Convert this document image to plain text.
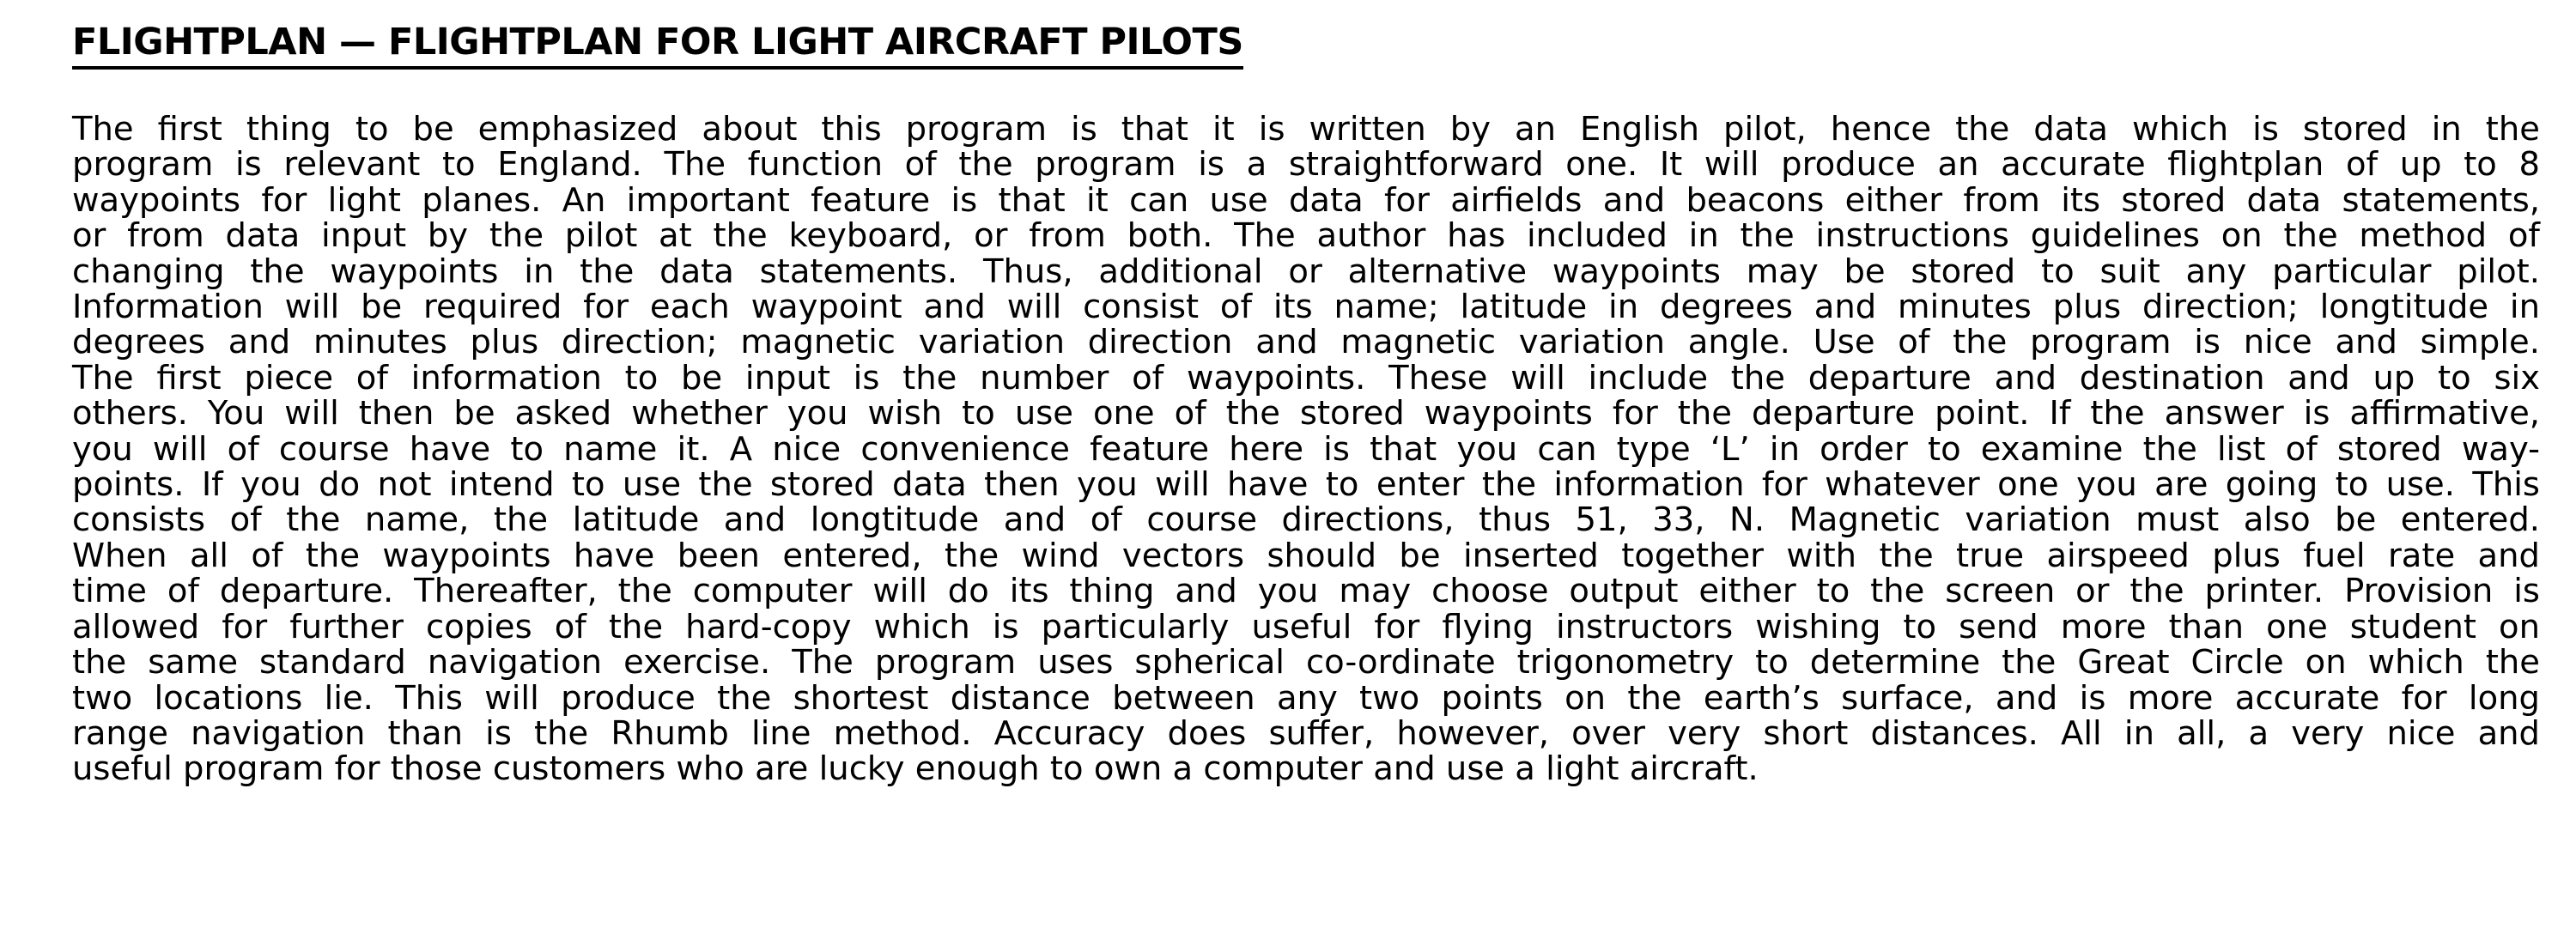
FLIGHTPLAN — FLIGHTPLAN FOR LIGHT AIRCRAFT PILOTS
The first thing to be emphasized about this program is that it is written by an English pilot, hence the data which is stored in the
program is relevant to England. The function of the program is a straightforward one. It will produce an accurate flightplan of up to 8
waypoints for light planes. An important feature is that it can use data for airfields and beacons either from its stored data statements,
or from data input by the pilot at the keyboard, or from both. The author has included in the instructions guidelines on the method of
changing the waypoints in the data statements. Thus, additional or alternative waypoints may be stored to suit any particular pilot.
Information will be required for each waypoint and will consist of its name; latitude in degrees and minutes plus direction; longtitude in
degrees and minutes plus direction; magnetic variation direction and magnetic variation angle. Use of the program is nice and simple.
The first piece of information to be input is the number of waypoints. These will include the departure and destination and up to six
others. You will then be asked whether you wish to use one of the stored waypoints for the departure point. If the answer is affirmative,
you will of course have to name it. A nice convenience feature here is that you can type ‘L’ in order to examine the list of stored way-
points. If you do not intend to use the stored data then you will have to enter the information for whatever one you are going to use. This
consists of the name, the latitude and longtitude and of course directions, thus 51, 33, N. Magnetic variation must also be entered.
When all of the waypoints have been entered, the wind vectors should be inserted together with the true airspeed plus fuel rate and
time of departure. Thereafter, the computer will do its thing and you may choose output either to the screen or the printer. Provision is
allowed for further copies of the hard-copy which is particularly useful for flying instructors wishing to send more than one student on
the same standard navigation exercise. The program uses spherical co-ordinate trigonometry to determine the Great Circle on which the
two locations lie. This will produce the shortest distance between any two points on the earth’s surface, and is more accurate for long
range navigation than is the Rhumb line method. Accuracy does suffer, however, over very short distances. All in all, a very nice and
useful program for those customers who are lucky enough to own a computer and use a light aircraft.
